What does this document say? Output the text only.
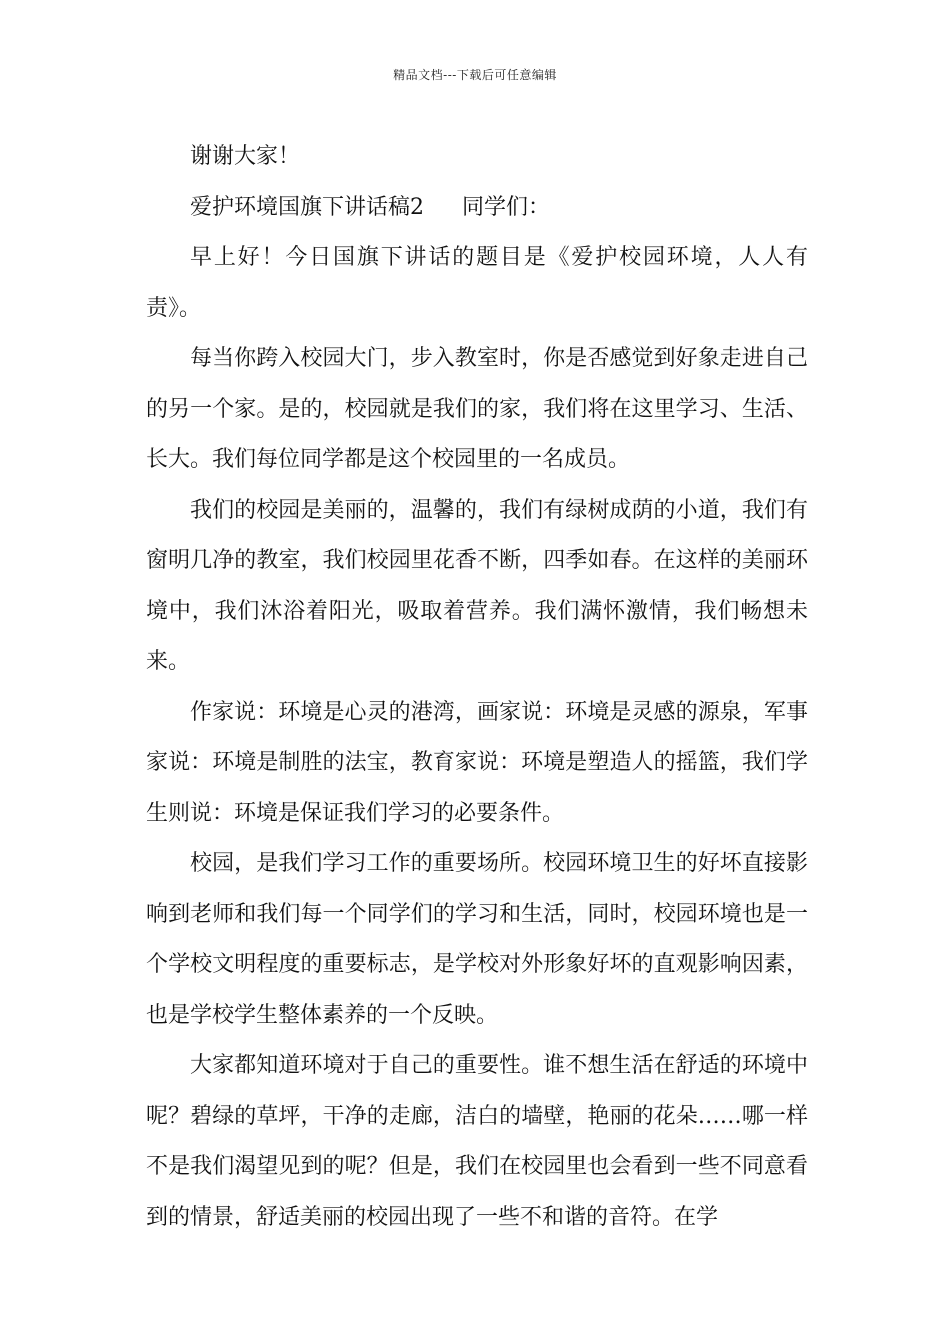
精品文档---下载后可任意编辑

谢谢大家！

爱护环境国旗下讲话稿2 同学们：

早上好！今日国旗下讲话的题目是《爱护校园环境，人人有责》。

每当你跨入校园大门，步入教室时，你是否感觉到好象走进自己的另一个家。是的，校园就是我们的家，我们将在这里学习、生活、长大。我们每位同学都是这个校园里的一名成员。

我们的校园是美丽的，温馨的，我们有绿树成荫的小道，我们有窗明几净的教室，我们校园里花香不断，四季如春。在这样的美丽环境中，我们沐浴着阳光，吸取着营养。我们满怀激情，我们畅想未来。

作家说：环境是心灵的港湾，画家说：环境是灵感的源泉，军事家说：环境是制胜的法宝，教育家说：环境是塑造人的摇篮，我们学生则说：环境是保证我们学习的必要条件。

校园，是我们学习工作的重要场所。校园环境卫生的好坏直接影响到老师和我们每一个同学们的学习和生活，同时，校园环境也是一个学校文明程度的重要标志，是学校对外形象好坏的直观影响因素，也是学校学生整体素养的一个反映。

大家都知道环境对于自己的重要性。谁不想生活在舒适的环境中呢？碧绿的草坪，干净的走廊，洁白的墙壁，艳丽的花朵……哪一样不是我们渴望见到的呢？但是，我们在校园里也会看到一些不同意看到的情景，舒适美丽的校园出现了一些不和谐的音符。在学
